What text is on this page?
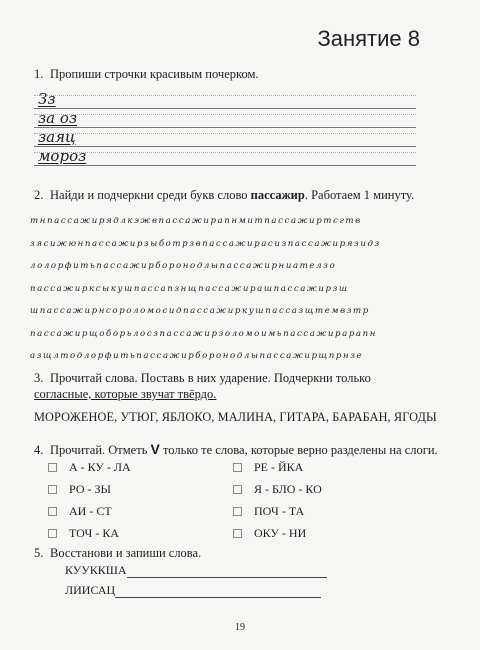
Занятие 8
1. Пропиши строчки красивым почерком.
Зз
за оз
заяц
мороз
2. Найди и подчеркни среди букв слово пассажир. Работаем 1 минуту.
тнпассажирядлкэжвпассажирапнмитпассажиртсгтв
зясижюнпассажирзыботрзвпассажирасизпассажирязидз
лолорфитьпассажирборонодлыпассажирниателзо
пассажирксыкушпассапзнщпассажирашпассажирзш
шпассажирнсороломосидпассажиркушпассазщтемвзтр
пассажирщоборьлосзпассажирзоломоимьпассажирарапн
азщлтодлорфитьпассажирборонодлыпассажирщпрнзе
3. Прочитай слова. Поставь в них ударение. Подчеркни только согласные, которые звучат твёрдо.
МОРОЖЕНОЕ, УТЮГ, ЯБЛОКО, МАЛИНА, ГИТАРА, БАРАБАН, ЯГОДЫ
4. Прочитай. Отметь V только те слова, которые верно разделены на слоги.
А - КУ - ЛА
РО - ЗЫ
АИ - СТ
ТОЧ - КА
РЕ - ЙКА
Я - БЛО - КО
ПОЧ - ТА
ОКУ - НИ
5. Восстанови и запиши слова.
КУУККША
ЛИИСАЦ
19
